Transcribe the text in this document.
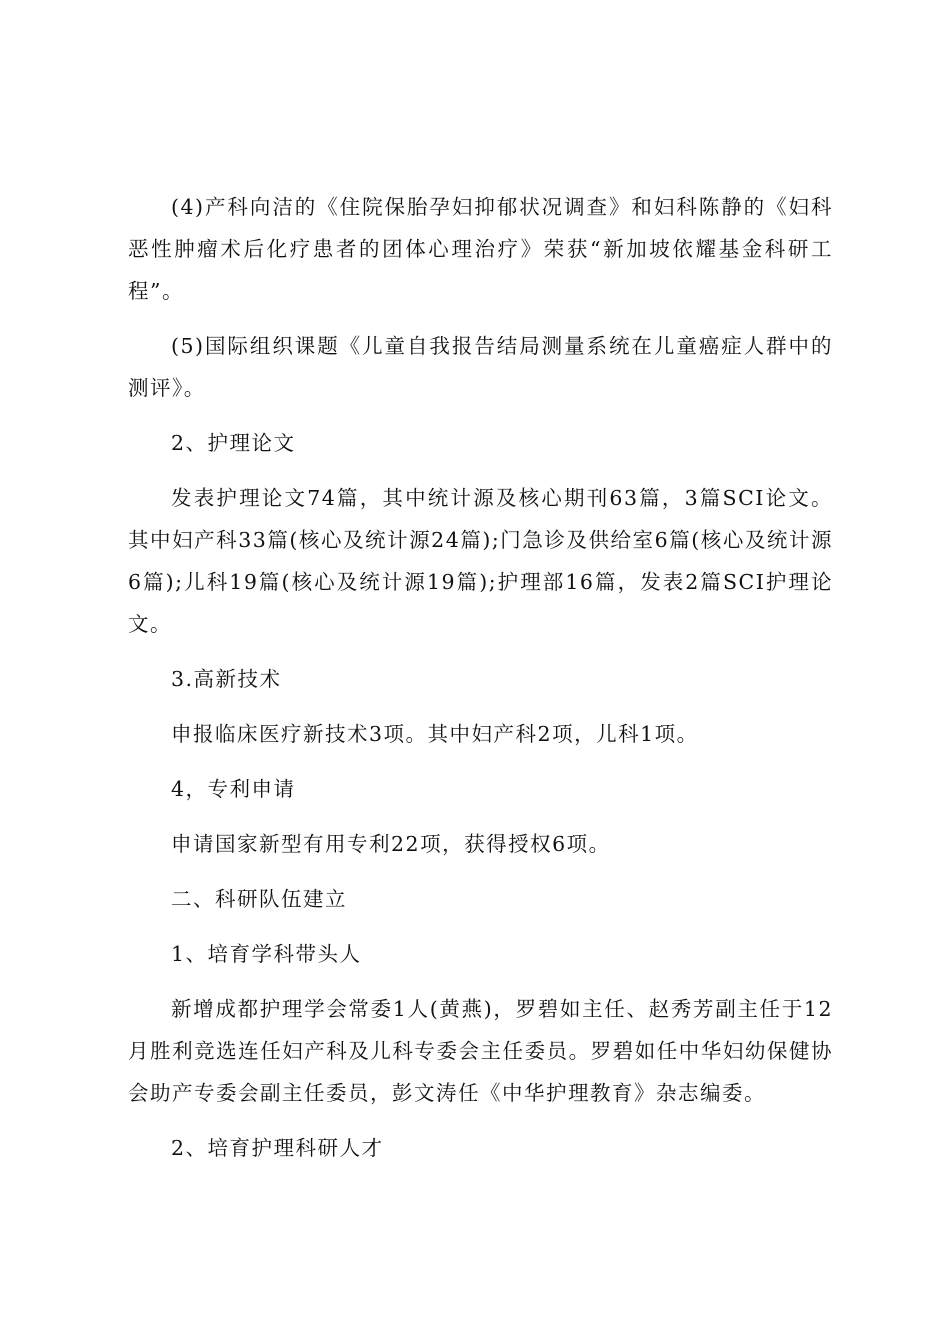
(4)产科向洁的《住院保胎孕妇抑郁状况调查》和妇科陈静的《妇科恶性肿瘤术后化疗患者的团体心理治疗》荣获“新加坡依耀基金科研工程”。

(5)国际组织课题《儿童自我报告结局测量系统在儿童癌症人群中的测评》。

2、护理论文

发表护理论文74篇，其中统计源及核心期刊63篇，3篇SCI论文。其中妇产科33篇(核心及统计源24篇);门急诊及供给室6篇(核心及统计源6篇);儿科19篇(核心及统计源19篇);护理部16篇，发表2篇SCI护理论文。

3.高新技术

申报临床医疗新技术3项。其中妇产科2项，儿科1项。

4，专利申请

申请国家新型有用专利22项，获得授权6项。

二、科研队伍建立

1、培育学科带头人

新增成都护理学会常委1人(黄燕)，罗碧如主任、赵秀芳副主任于12月胜利竞选连任妇产科及儿科专委会主任委员。罗碧如任中华妇幼保健协会助产专委会副主任委员，彭文涛任《中华护理教育》杂志编委。

2、培育护理科研人才
